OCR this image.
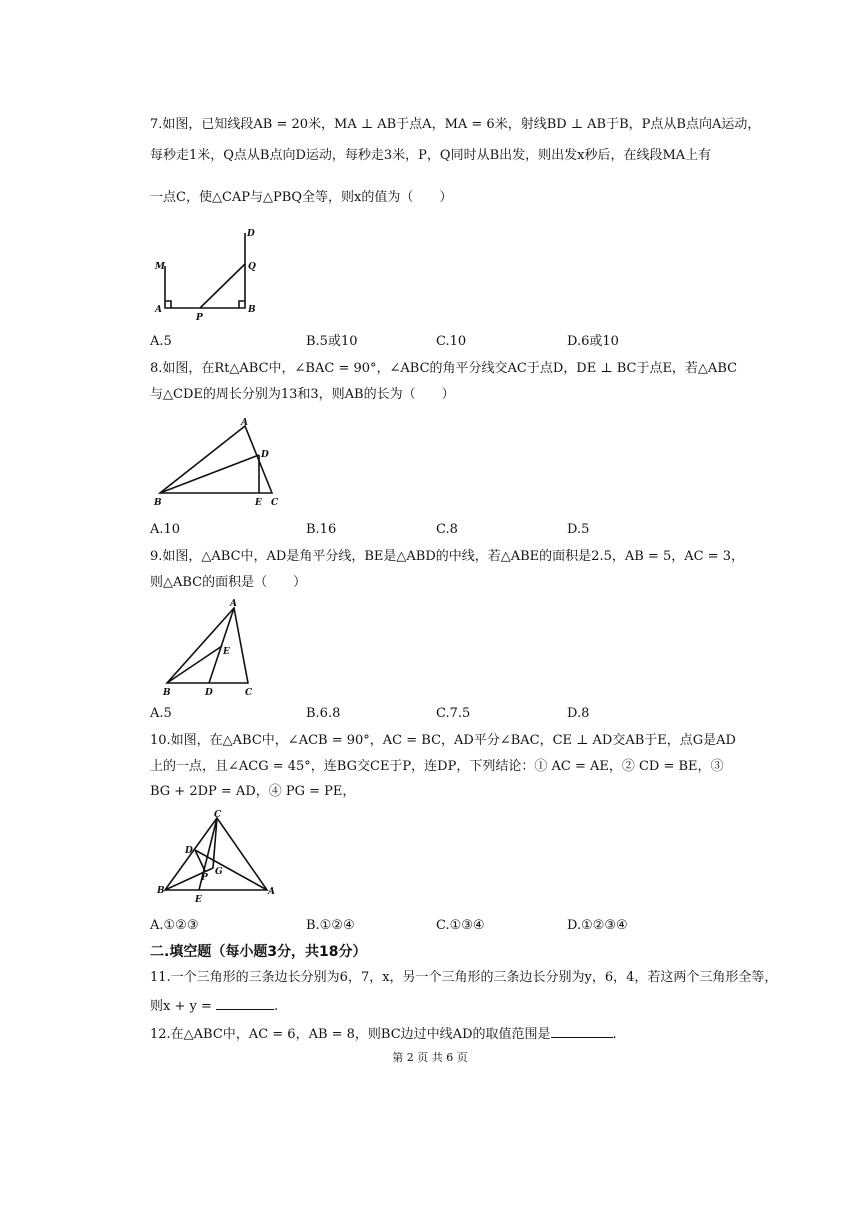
7.如图，已知线段AB = 20米，MA ⊥ AB于点A，MA = 6米，射线BD ⊥ AB于B，P点从B点向A运动，
每秒走1米，Q点从B点向D运动，每秒走3米，P，Q同时从B出发，则出发x秒后，在线段MA上有
一点C，使△CAP与△PBQ全等，则x的值为（　　）
M
A
P
B
Q
D
A.5	B.5或10	C.10	D.6或10
8.如图，在Rt△ABC中，∠BAC = 90°，∠ABC的角平分线交AC于点D，DE ⊥ BC于点E，若△ABC
与△CDE的周长分别为13和3，则AB的长为（　　）
A
D
B	E C
A.10	B.16	C.8	D.5
9.如图，△ABC中，AD是角平分线，BE是△ABD的中线，若△ABE的面积是2.5，AB = 5，AC = 3，
则△ABC的面积是（　　）
A
E
B	D	C
A.5	B.6.8	C.7.5	D.8
10.如图，在△ABC中，∠ACB = 90°，AC = BC，AD平分∠BAC，CE ⊥ AD交AB于E，点G是AD
上的一点，且∠ACG = 45°，连BG交CE于P，连DP，下列结论：① AC = AE，② CD = BE，③
BG + 2DP = AD，④ PG = PE，
C
D
G
P
B
E
A
A.①②③	B.①②④	C.①③④	D.①②③④
二.填空题（每小题3分，共18分）
11.一个三角形的三条边长分别为6，7，x，另一个三角形的三条边长分别为y，6，4，若这两个三角形全等，
则x + y =	.
12.在△ABC中，AC = 6，AB = 8，则BC边过中线AD的取值范围是	.
第 2 页 共 6 页
